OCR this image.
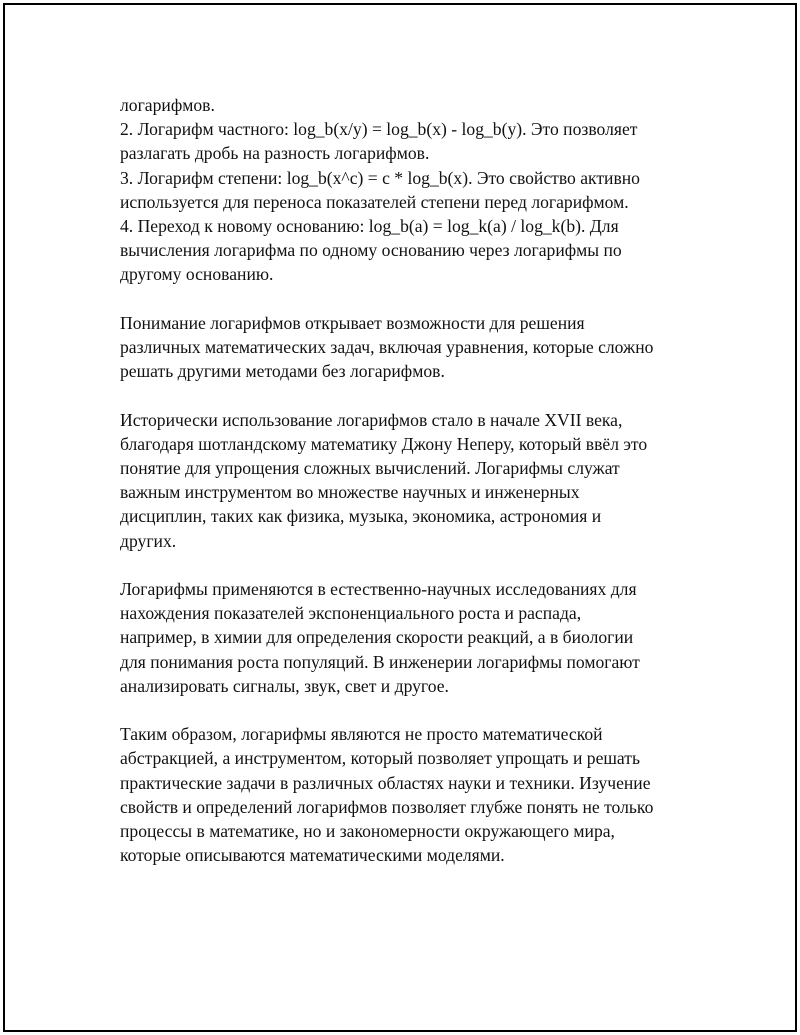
логарифмов.
2. Логарифм частного: log_b(x/y) = log_b(x) - log_b(y). Это позволяет
разлагать дробь на разность логарифмов.
3. Логарифм степени: log_b(x^c) = c * log_b(x). Это свойство активно
используется для переноса показателей степени перед логарифмом.
4. Переход к новому основанию: log_b(a) = log_k(a) / log_k(b). Для
вычисления логарифма по одному основанию через логарифмы по
другому основанию.

Понимание логарифмов открывает возможности для решения
различных математических задач, включая уравнения, которые сложно
решать другими методами без логарифмов.

Исторически использование логарифмов стало в начале XVII века,
благодаря шотландскому математику Джону Неперу, который ввёл это
понятие для упрощения сложных вычислений. Логарифмы служат
важным инструментом во множестве научных и инженерных
дисциплин, таких как физика, музыка, экономика, астрономия и
других.

Логарифмы применяются в естественно-научных исследованиях для
нахождения показателей экспоненциального роста и распада,
например, в химии для определения скорости реакций, а в биологии
для понимания роста популяций. В инженерии логарифмы помогают
анализировать сигналы, звук, свет и другое.

Таким образом, логарифмы являются не просто математической
абстракцией, а инструментом, который позволяет упрощать и решать
практические задачи в различных областях науки и техники. Изучение
свойств и определений логарифмов позволяет глубже понять не только
процессы в математике, но и закономерности окружающего мира,
которые описываются математическими моделями.
